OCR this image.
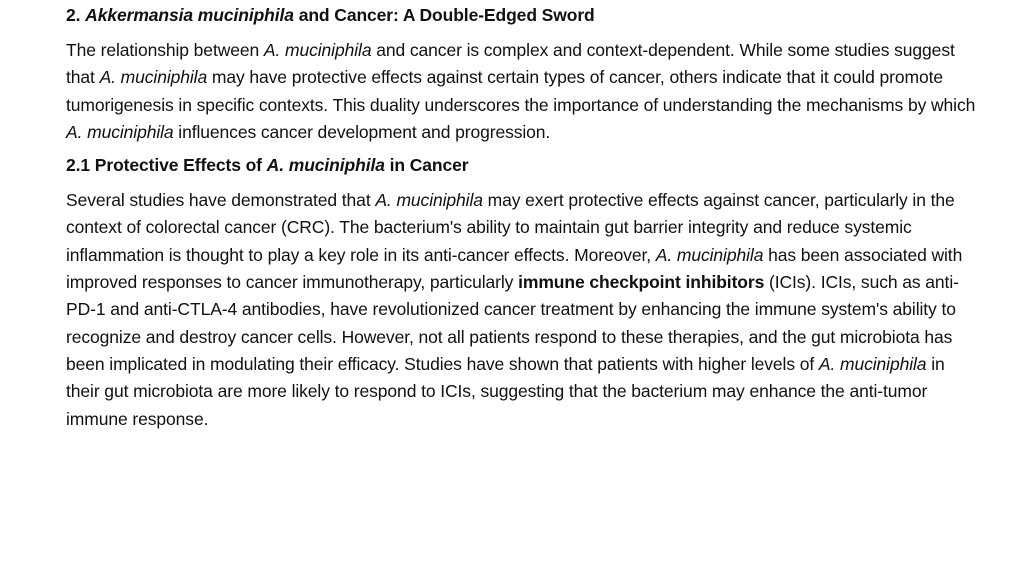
2. Akkermansia muciniphila and Cancer: A Double-Edged Sword

The relationship between A. muciniphila and cancer is complex and context-dependent. While some studies suggest that A. muciniphila may have protective effects against certain types of cancer, others indicate that it could promote tumorigenesis in specific contexts. This duality underscores the importance of understanding the mechanisms by which A. muciniphila influences cancer development and progression.

2.1 Protective Effects of A. muciniphila in Cancer

Several studies have demonstrated that A. muciniphila may exert protective effects against cancer, particularly in the context of colorectal cancer (CRC). The bacterium's ability to maintain gut barrier integrity and reduce systemic inflammation is thought to play a key role in its anti-cancer effects. Moreover, A. muciniphila has been associated with improved responses to cancer immunotherapy, particularly immune checkpoint inhibitors (ICIs). ICIs, such as anti-PD-1 and anti-CTLA-4 antibodies, have revolutionized cancer treatment by enhancing the immune system's ability to recognize and destroy cancer cells. However, not all patients respond to these therapies, and the gut microbiota has been implicated in modulating their efficacy. Studies have shown that patients with higher levels of A. muciniphila in their gut microbiota are more likely to respond to ICIs, suggesting that the bacterium may enhance the anti-tumor immune response.
